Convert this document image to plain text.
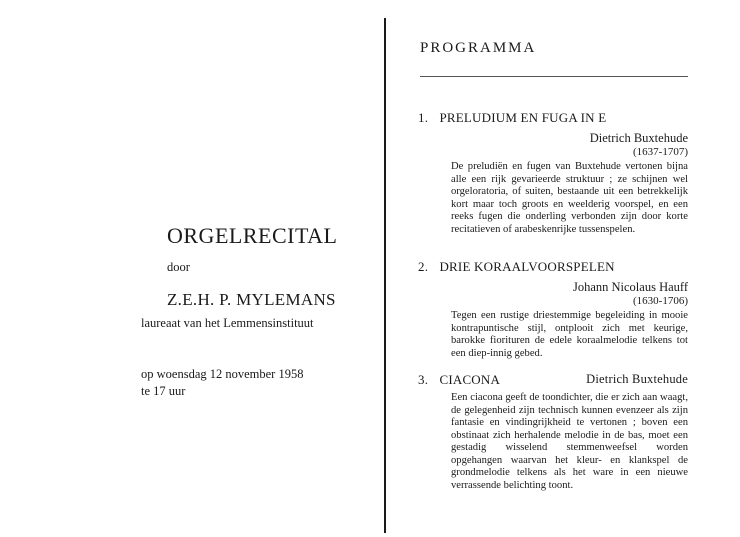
ORGELRECITAL
door
Z.E.H. P. MYLEMANS
laureaat van het Lemmensinstituut
op woensdag 12 november 1958
te 17 uur
PROGRAMMA
1. PRELUDIUM EN FUGA IN E
Dietrich Buxtehude
(1637-1707)
De preludiën en fugen van Buxtehude vertonen bijna alle een rijk gevarieerde struktuur ; ze schijnen wel orgeloratoria, of suiten, bestaande uit een betrekkelijk kort maar toch groots en weelderig voorspel, en een reeks fugen die onderling verbonden zijn door korte recitatieven of arabeskenrijke tussenspelen.
2. DRIE KORAALVOORSPELEN
Johann Nicolaus Hauff
(1630-1706)
Tegen een rustige driestemmige begeleiding in mooie kontrapuntische stijl, ontplooit zich met keurige, barokke fiorituren de edele koraalmelodie telkens tot een diep-innig gebed.
3. CIACONA	Dietrich Buxtehude
Een ciacona geeft de toondichter, die er zich aan waagt, de gelegenheid zijn technisch kunnen evenzeer als zijn fantasie en vindingrijkheid te vertonen ; boven een obstinaat zich herhalende melodie in de bas, moet een gestadig wisselend stemmenweefsel worden opgehangen waarvan het kleur- en klankspel de grondmelodie telkens als het ware in een nieuwe verrassende belichting toont.
